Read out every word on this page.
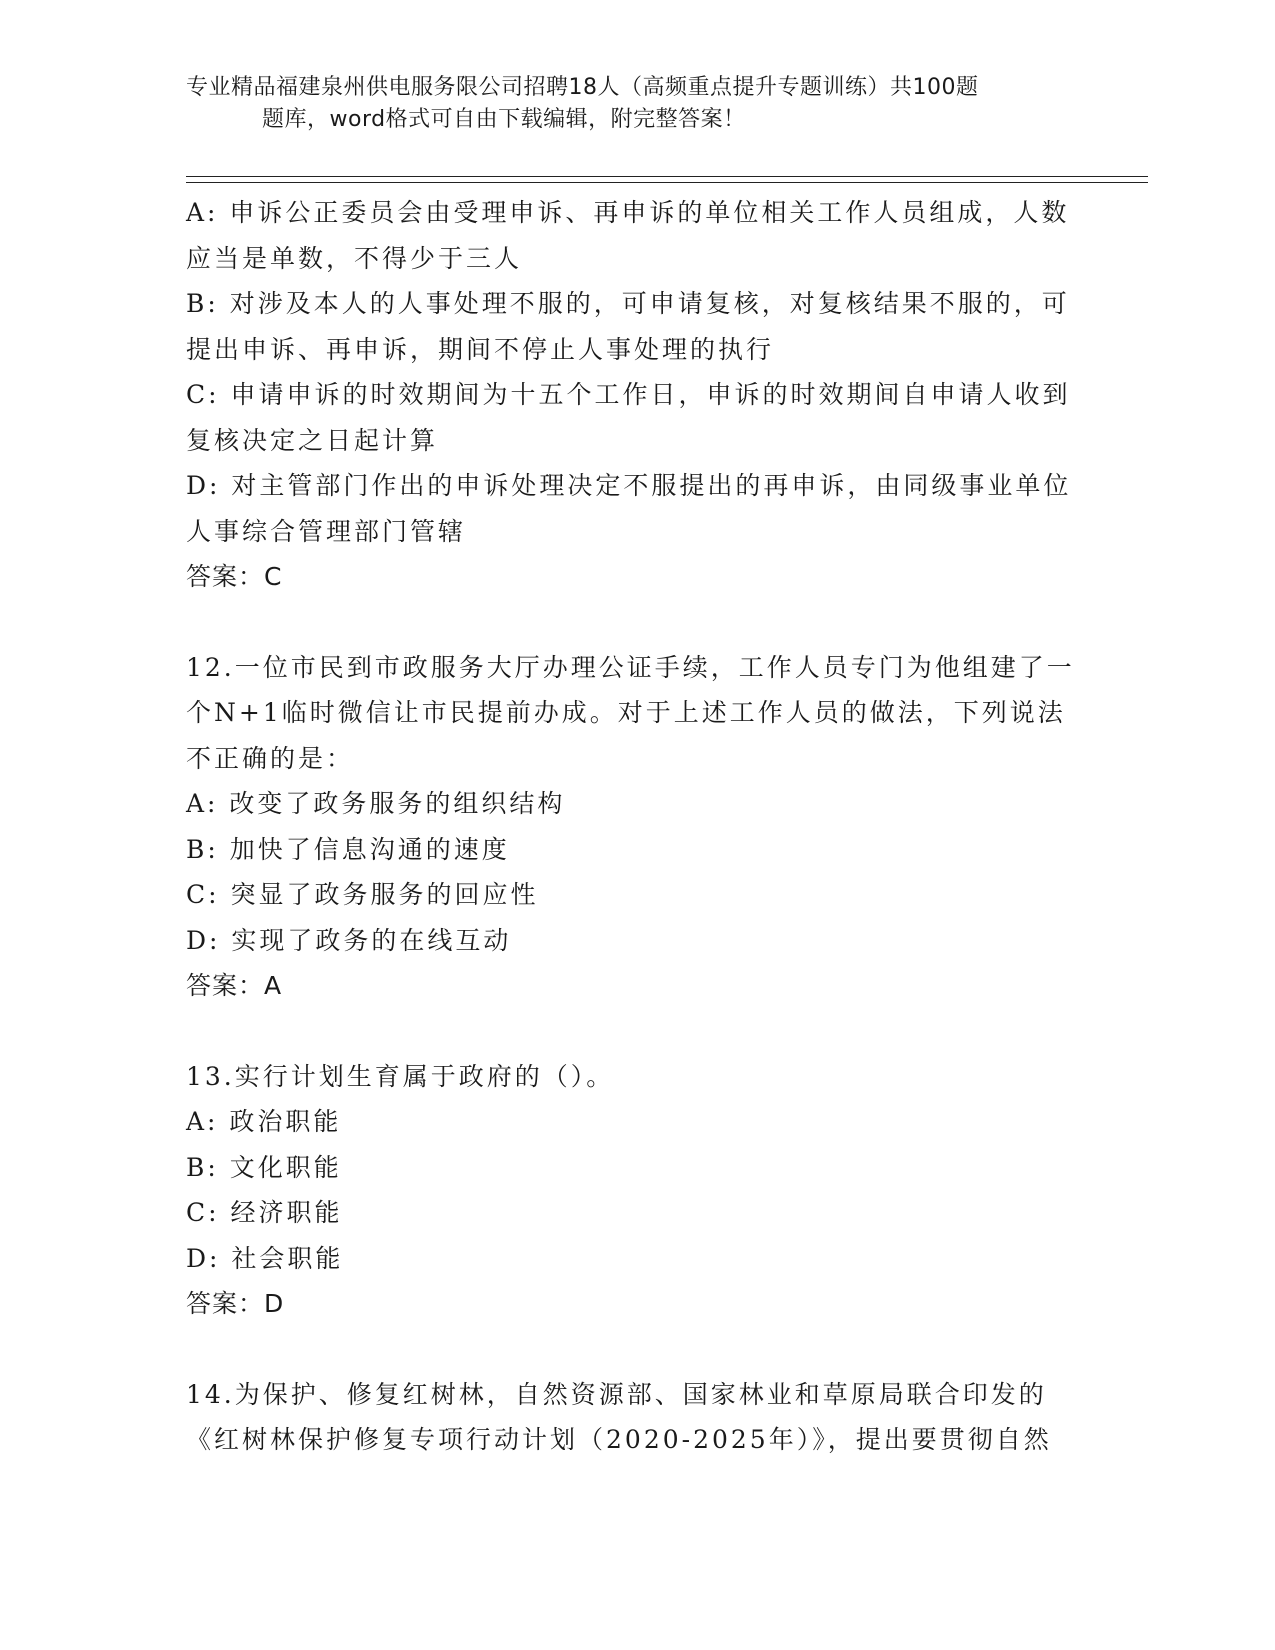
专业精品福建泉州供电服务限公司招聘18人（高频重点提升专题训练）共100题
题库，word格式可自由下载编辑，附完整答案！

A: 申诉公正委员会由受理申诉、再申诉的单位相关工作人员组成，人数应当是单数，不得少于三人

B: 对涉及本人的人事处理不服的，可申请复核，对复核结果不服的，可提出申诉、再申诉，期间不停止人事处理的执行

C: 申请申诉的时效期间为十五个工作日，申诉的时效期间自申请人收到复核决定之日起计算

D: 对主管部门作出的申诉处理决定不服提出的再申诉，由同级事业单位人事综合管理部门管辖

答案：C

12.一位市民到市政服务大厅办理公证手续，工作人员专门为他组建了一个N+1临时微信让市民提前办成。对于上述工作人员的做法，下列说法不正确的是：

A: 改变了政务服务的组织结构

B: 加快了信息沟通的速度

C: 突显了政务服务的回应性

D: 实现了政务的在线互动

答案：A

13.实行计划生育属于政府的（）。

A: 政治职能

B: 文化职能

C: 经济职能

D: 社会职能

答案：D

14.为保护、修复红树林，自然资源部、国家林业和草原局联合印发的《红树林保护修复专项行动计划（2020-2025年）》，提出要贯彻自然
